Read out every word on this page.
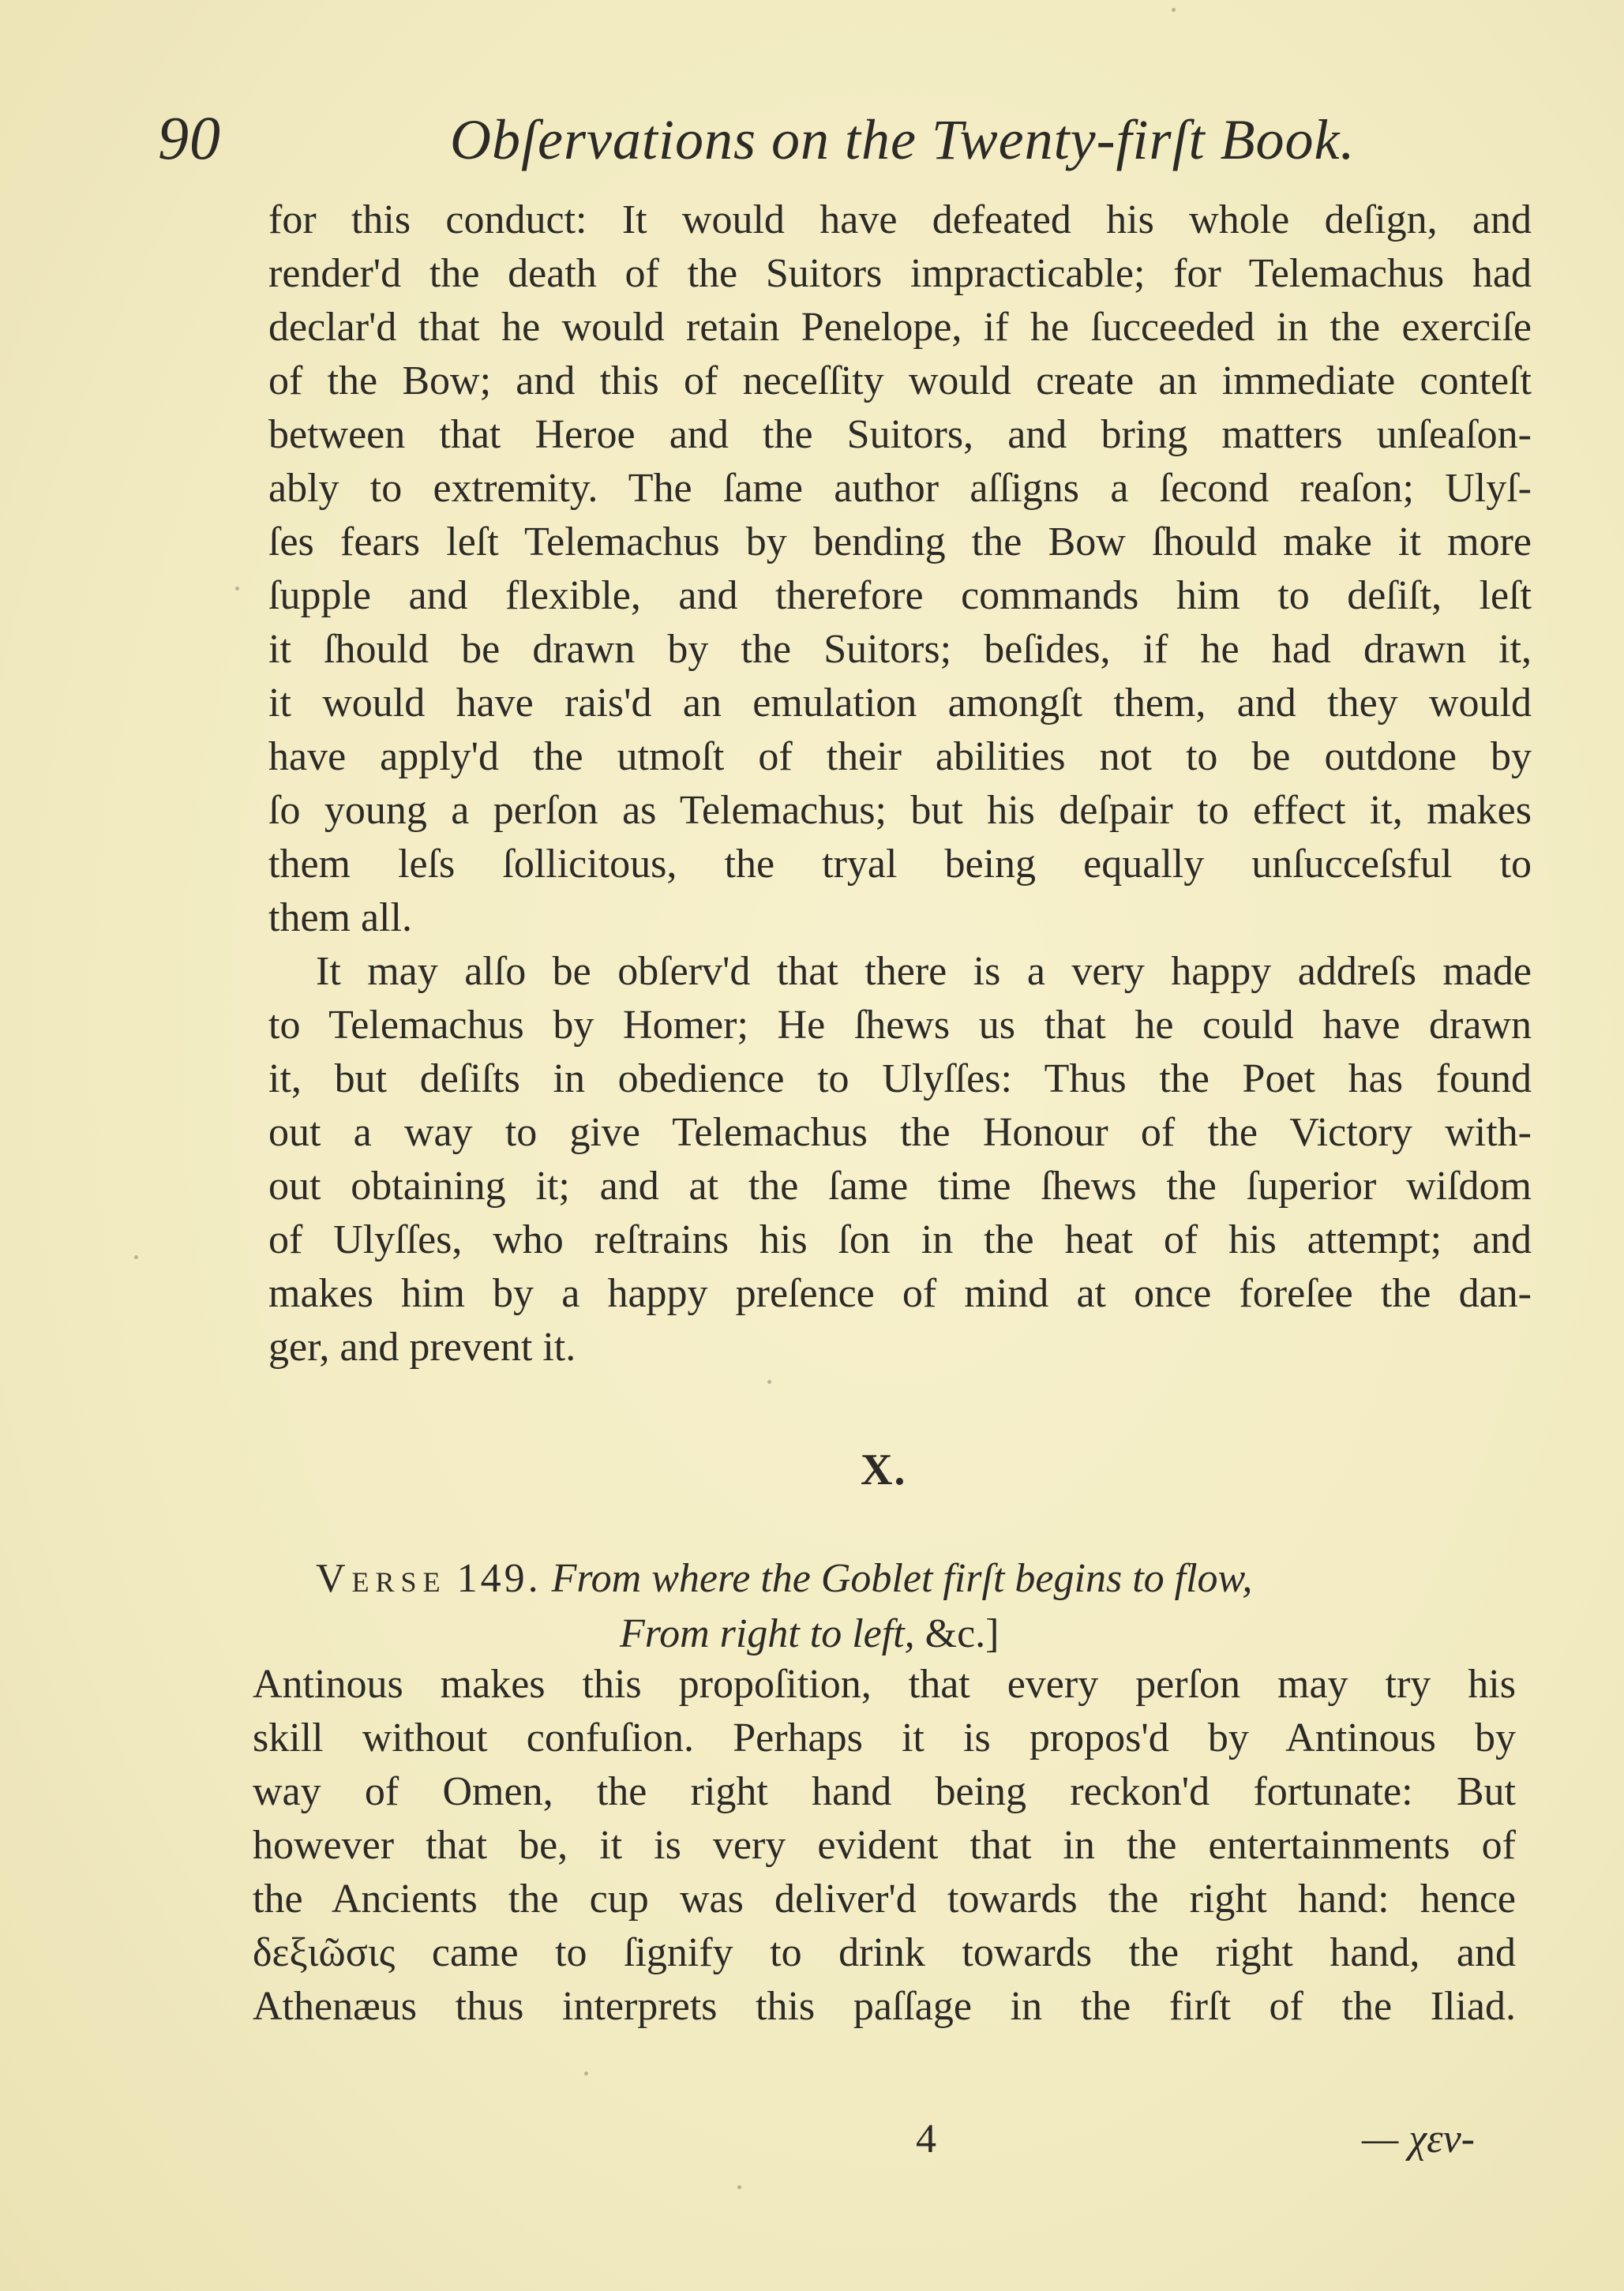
90	Obſervations on the Twenty-firſt Book.
for this conduct: It would have defeated his whole deſign, and
render'd the death of the Suitors impracticable; for Telemachus had
declar'd that he would retain Penelope, if he ſucceeded in the exerciſe
of the Bow; and this of neceſſity would create an immediate conteſt
between that Heroe and the Suitors, and bring matters unſeaſon-
ably to extremity. The ſame author aſſigns a ſecond reaſon; Ulyſ-
ſes fears leſt Telemachus by bending the Bow ſhould make it more
ſupple and flexible, and therefore commands him to deſiſt, leſt
it ſhould be drawn by the Suitors; beſides, if he had drawn it,
it would have rais'd an emulation amongſt them, and they would
have apply'd the utmoſt of their abilities not to be outdone by
ſo young a perſon as Telemachus; but his deſpair to effect it, makes
them leſs ſollicitous, the tryal being equally unſucceſsful to
them all.
It may alſo be obſerv'd that there is a very happy addreſs made
to Telemachus by Homer; He ſhews us that he could have drawn
it, but deſiſts in obedience to Ulyſſes: Thus the Poet has found
out a way to give Telemachus the Honour of the Victory with-
out obtaining it; and at the ſame time ſhews the ſuperior wiſdom
of Ulyſſes, who reſtrains his ſon in the heat of his attempt; and
makes him by a happy preſence of mind at once foreſee the dan-
ger, and prevent it.
X.
Verse 149. From where the Goblet firſt begins to flow,
From right to left, &c.]
Antinous makes this propoſition, that every perſon may try his
skill without confuſion. Perhaps it is propos'd by Antinous by
way of Omen, the right hand being reckon'd fortunate: But
however that be, it is very evident that in the entertainments of
the Ancients the cup was deliver'd towards the right hand: hence
δεξιῶσις came to ſignify to drink towards the right hand, and
Athenæus thus interprets this paſſage in the firſt of the Iliad.
4	— χεν-
